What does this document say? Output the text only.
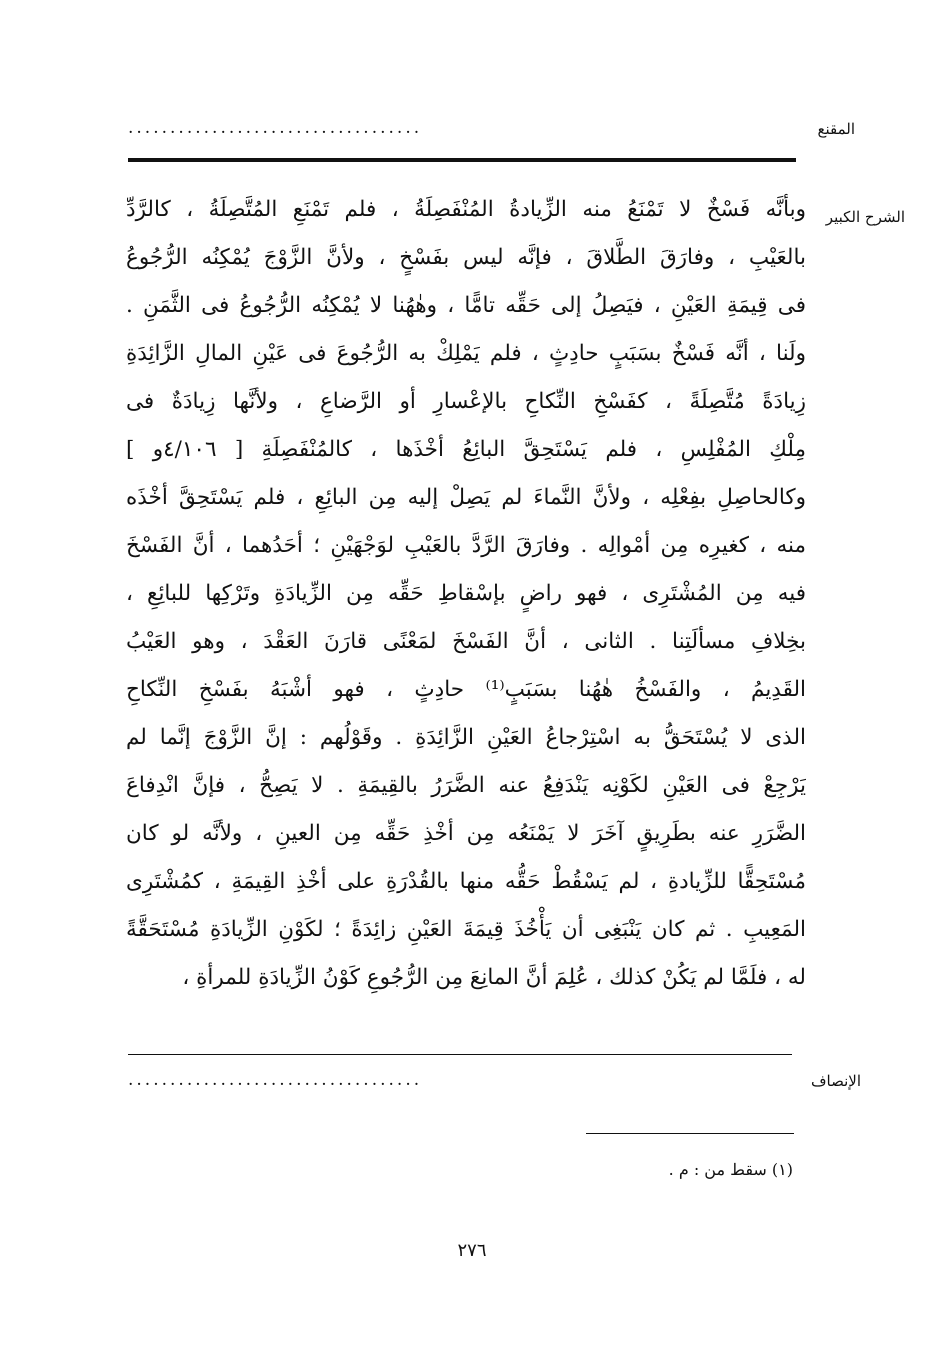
المقنع
...................................
الشرح الكبير
وبأنَّه فَسْخٌ لا تَمْنَعُ منه الزِّيادةُ المُنْفَصِلَةُ ، فلم تَمْنَعِ المُتَّصِلَةُ ، كالرَّدِّ
بالعَيْبِ ، وفارَقَ الطَّلاقَ ، فإنَّه ليس بفَسْخٍ ، ولأنَّ الزَّوْجَ يُمْكِنُه الرُّجُوعُ
فى قِيمَةِ العَيْنِ ، فيَصِلُ إلى حَقِّه تامًّا ، وهٰهُنا لا يُمْكِنُه الرُّجُوعُ فى الثَّمَنِ .
ولَنا ، أنَّه فَسْخٌ بسَبَبٍ حادِثٍ ، فلم يَمْلِكْ به الرُّجُوعَ فى عَيْنِ المالِ الزَّائِدَةِ
زِيادَةً مُتَّصِلَةً ، كفَسْخِ النِّكاحِ بالإعْسارِ أو الرَّضاعِ ، ولأنَّها زِيادَةٌ فى
مِلْكِ المُفْلِسِ ، فلم يَسْتَحِقَّ البائِعُ أخْذَها ، كالمُنْفَصِلَةِ [ ٤/١٠٦و ]
وكالحاصِلِ بفِعْلِه ، ولأنَّ النَّماءَ لم يَصِلْ إليه مِن البائِعِ ، فلم يَسْتَحِقَّ أخْذَه
منه ، كغيرِه مِن أمْوالِه . وفارَقَ الرَّدَّ بالعَيْبِ لوَجْهَيْنِ ؛ أحَدُهما ، أنَّ الفَسْخَ
فيه مِن المُشْتَرِى ، فهو راضٍ بإسْقاطِ حَقِّه مِن الزِّيادَةِ وتَرْكِها للبائِعِ ،
بخِلافِ مسألَتِنا . الثانى ، أنَّ الفَسْخَ لمَعْنًى قارَنَ العَقْدَ ، وهو العَيْبُ
القَدِيمُ ، والفَسْخُ هٰهُنا بسَبَبٍ⁽¹⁾ حادِثٍ ، فهو أشْبَهُ بفَسْخِ النِّكاحِ
الذى لا يُسْتَحَقُّ به اسْتِرْجاعُ العَيْنِ الزَّائِدَةِ . وقَوْلُهم : إنَّ الزَّوْجَ إنَّما لم
يَرْجِعْ فى العَيْنِ لكَوْنِه يَنْدَفِعُ عنه الضَّرَرُ بالقِيمَةِ . لا يَصِحُّ ، فإنَّ انْدِفاعَ
الضَّرَرِ عنه بطَرِيقٍ آخَرَ لا يَمْنَعُه مِن أخْذِ حَقِّه مِن العينِ ، ولأنَّه لو كان
مُسْتَحِقًّا للزِّيادةِ ، لم يَسْقُطْ حَقُّه منها بالقُدْرَةِ على أخْذِ القِيمَةِ ، كمُشْتَرِى
المَعِيبِ . ثم كان يَنْبَغِى أن يَأْخُذَ قِيمَةَ العَيْنِ زائِدَةً ؛ لكَوْنِ الزِّيادَةِ مُسْتَحَقَّةً
له ، فلَمَّا لم يَكُنْ كذلك ، عُلِمَ أنَّ المانِعَ مِن الرُّجُوعِ كَوْنُ الزِّيادَةِ للمرأةِ ،
الإنصاف
...................................
(١) سقط من : م .
٢٧٦
